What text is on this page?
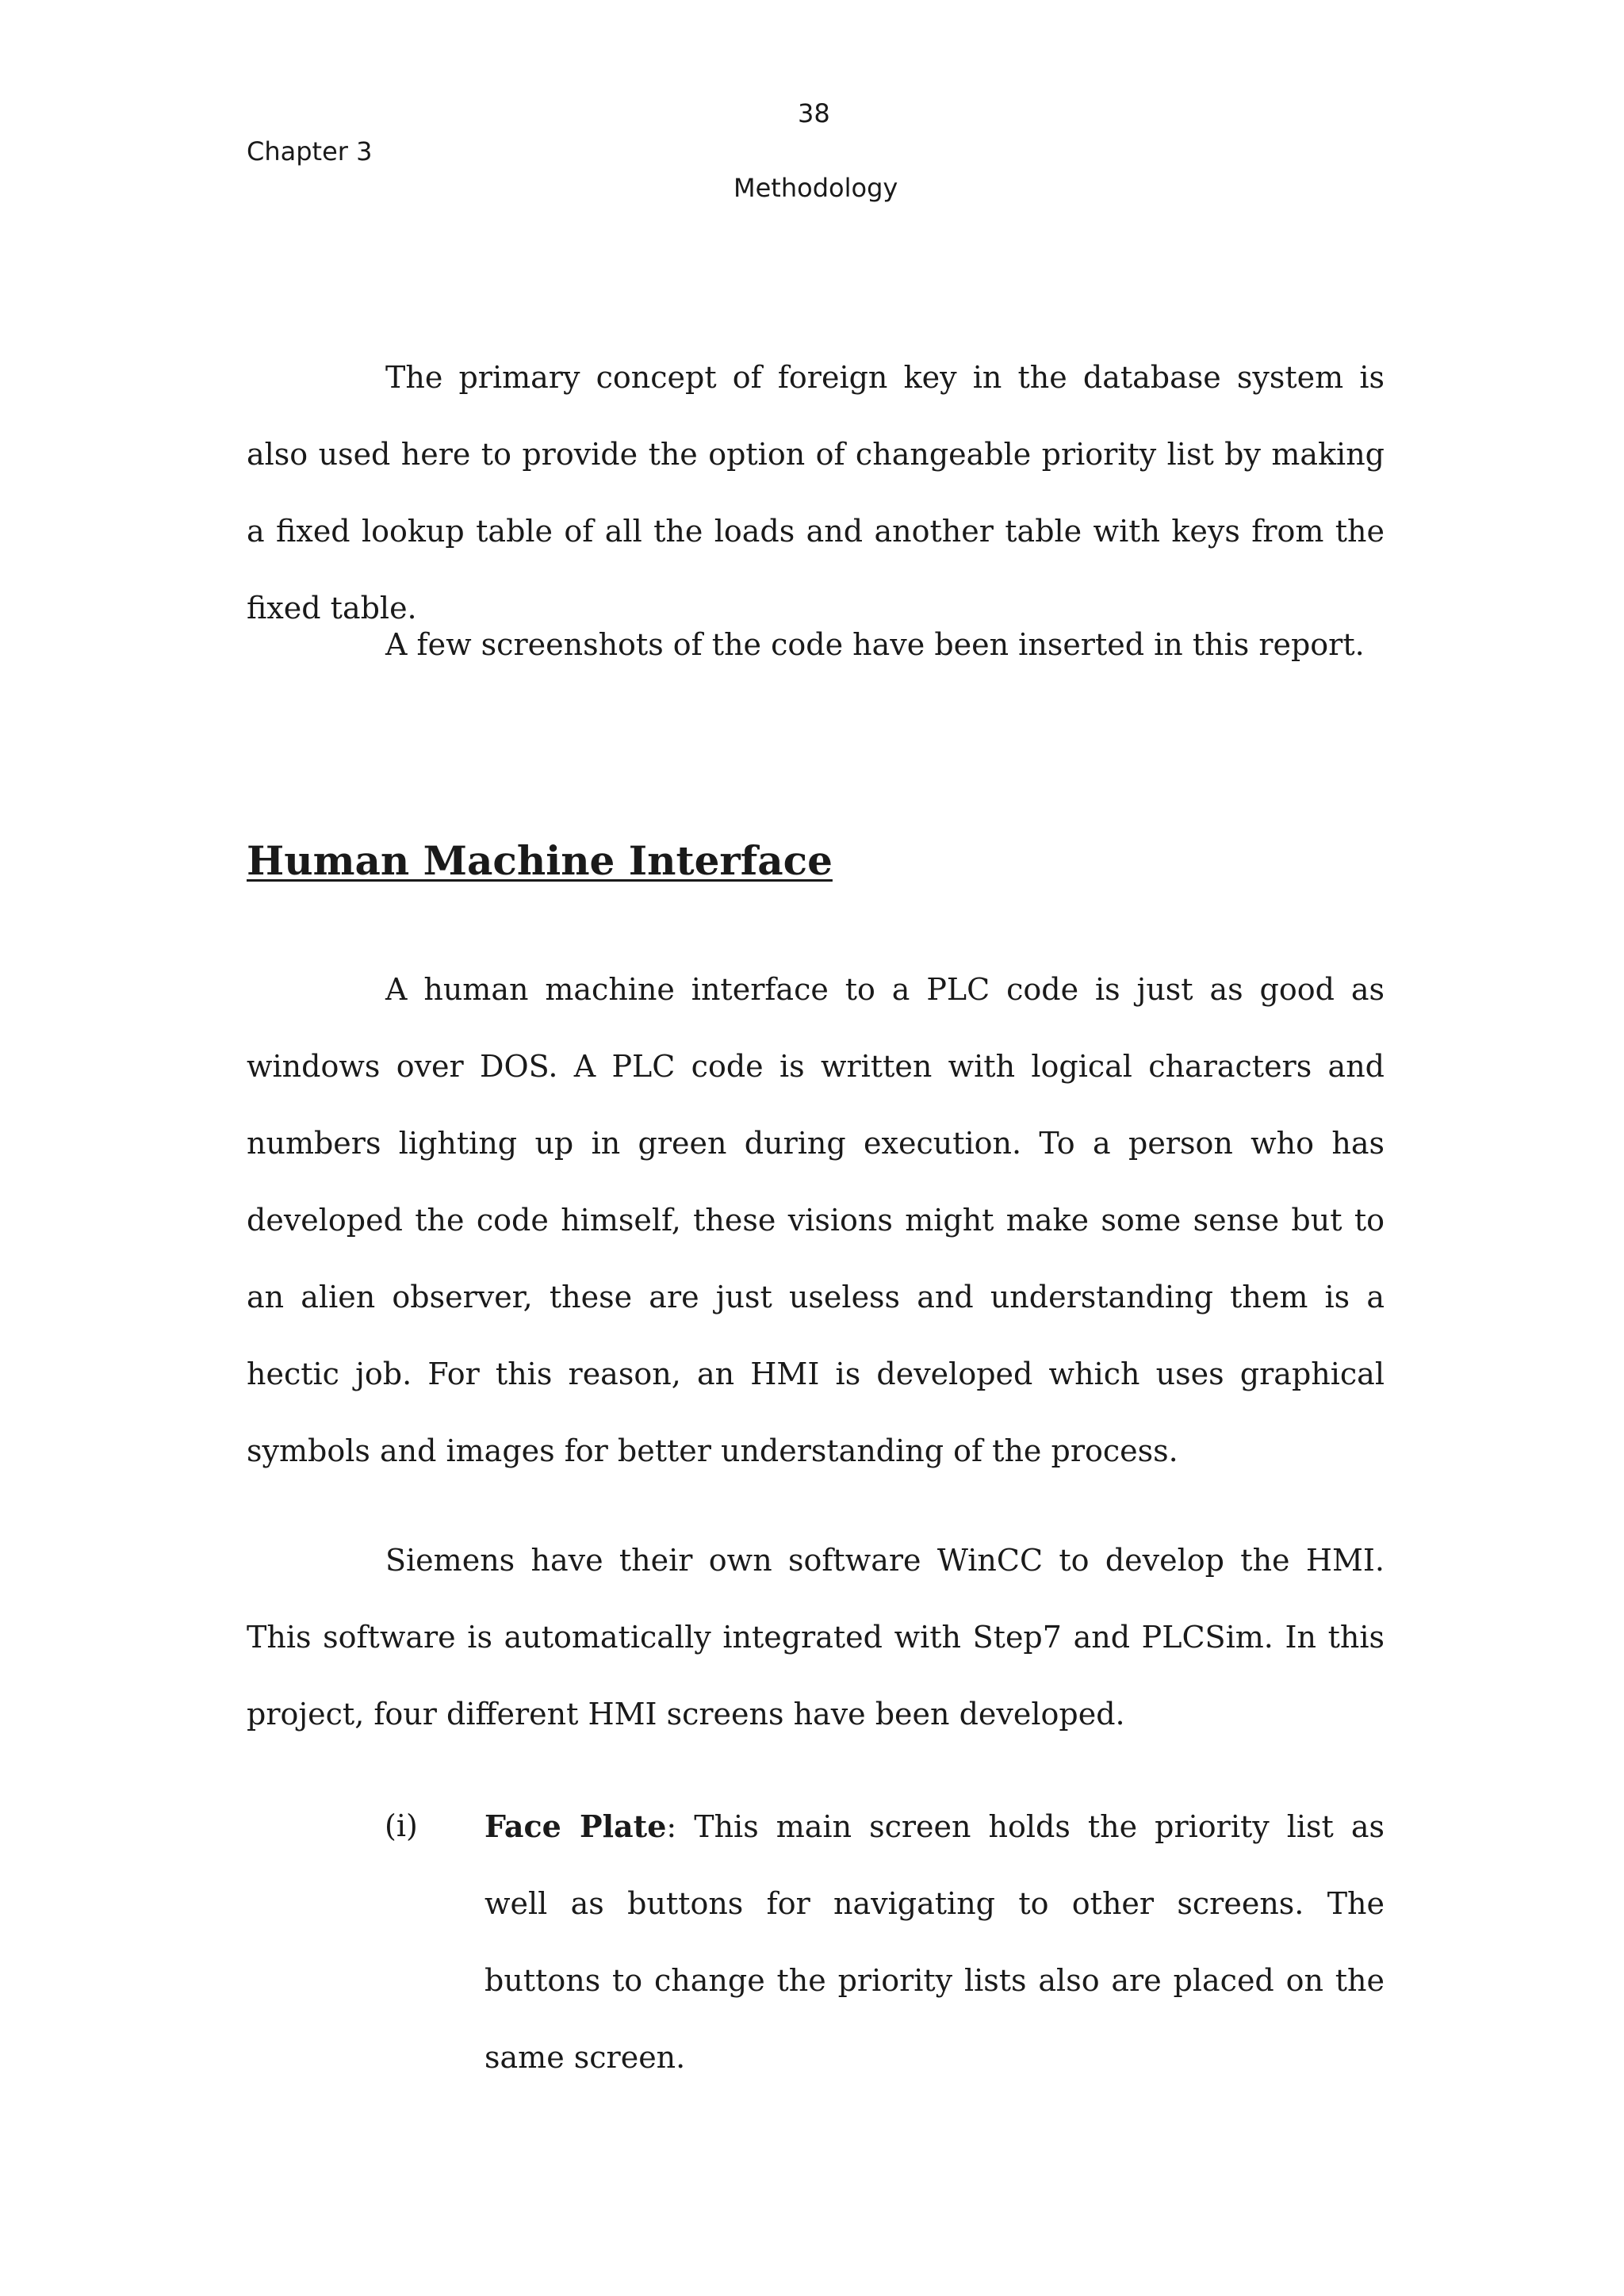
38
Chapter 3
Methodology

The primary concept of foreign key in the database system is also used here to provide the option of changeable priority list by making a fixed lookup table of all the loads and another table with keys from the fixed table.

A few screenshots of the code have been inserted in this report.

Human Machine Interface

A human machine interface to a PLC code is just as good as windows over DOS. A PLC code is written with logical characters and numbers lighting up in green during execution. To a person who has developed the code himself, these visions might make some sense but to an alien observer, these are just useless and understanding them is a hectic job. For this reason, an HMI is developed which uses graphical symbols and images for better understanding of the process.

Siemens have their own software WinCC to develop the HMI. This software is automatically integrated with Step7 and PLCSim. In this project, four different HMI screens have been developed.

(i) Face Plate: This main screen holds the priority list as well as buttons for navigating to other screens. The buttons to change the priority lists also are placed on the same screen.
